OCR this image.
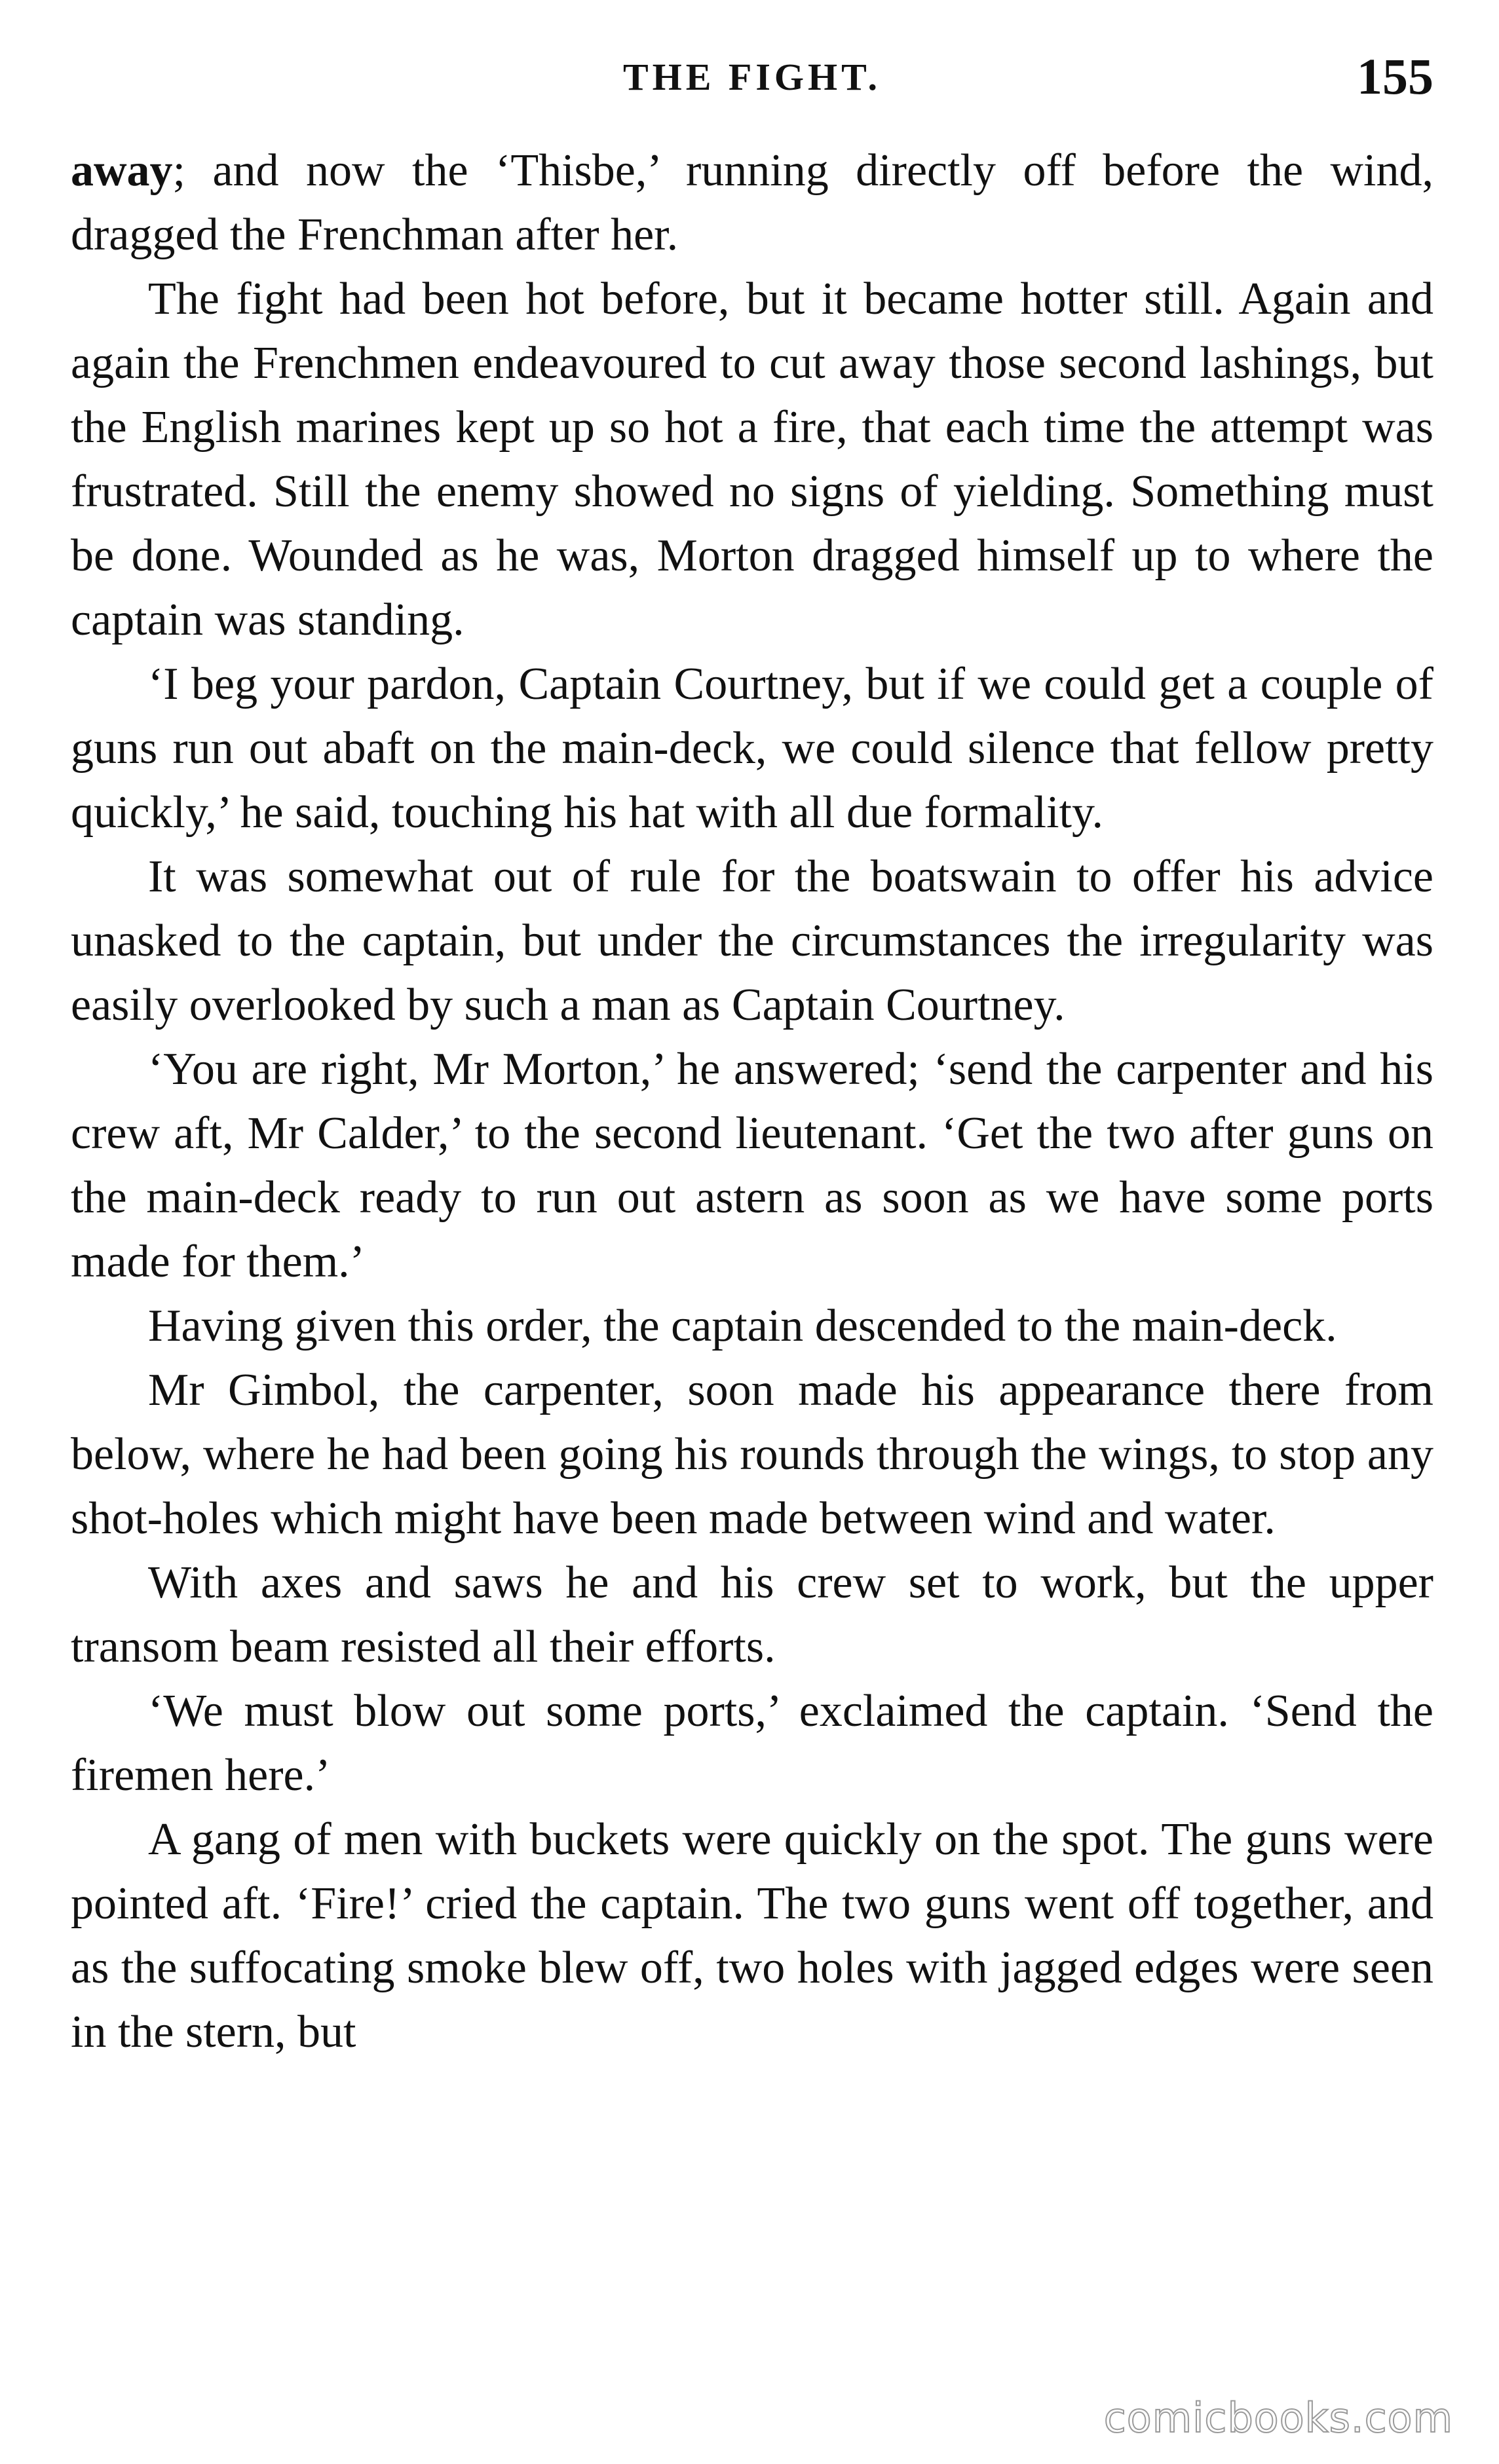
THE FIGHT.	155

away; and now the ‘Thisbe,’ running directly off before the wind, dragged the Frenchman after her.

The fight had been hot before, but it became hotter still. Again and again the Frenchmen endeavoured to cut away those second lashings, but the English marines kept up so hot a fire, that each time the attempt was frustrated. Still the enemy showed no signs of yielding. Something must be done. Wounded as he was, Morton dragged himself up to where the captain was standing.

‘I beg your pardon, Captain Courtney, but if we could get a couple of guns run out abaft on the main-deck, we could silence that fellow pretty quickly,’ he said, touching his hat with all due formality.

It was somewhat out of rule for the boatswain to offer his advice unasked to the captain, but under the circumstances the irregularity was easily overlooked by such a man as Captain Courtney.

‘You are right, Mr Morton,’ he answered; ‘send the carpenter and his crew aft, Mr Calder,’ to the second lieutenant. ‘Get the two after guns on the main-deck ready to run out astern as soon as we have some ports made for them.’

Having given this order, the captain descended to the main-deck.

Mr Gimbol, the carpenter, soon made his appearance there from below, where he had been going his rounds through the wings, to stop any shot-holes which might have been made between wind and water.

With axes and saws he and his crew set to work, but the upper transom beam resisted all their efforts.

‘We must blow out some ports,’ exclaimed the captain. ‘Send the firemen here.’

A gang of men with buckets were quickly on the spot. The guns were pointed aft. ‘Fire!’ cried the captain. The two guns went off together, and as the suffocating smoke blew off, two holes with jagged edges were seen in the stern, but

comicbooks.com
